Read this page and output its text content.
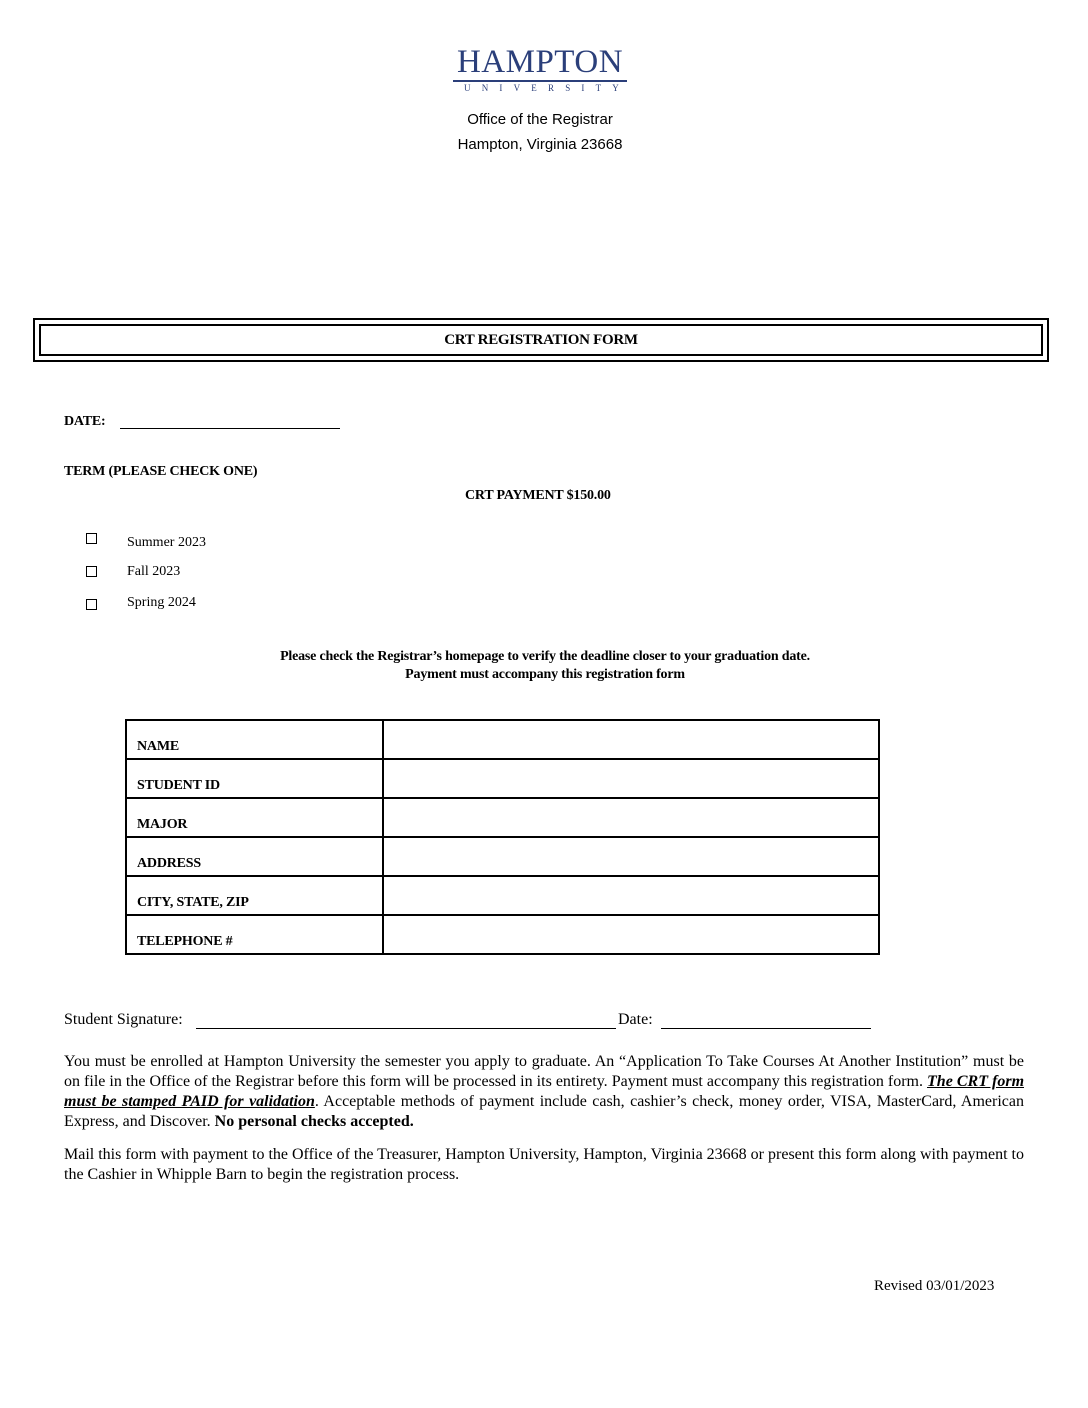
HAMPTON
UNIVERSITY
Office of the Registrar
Hampton, Virginia 23668
CRT REGISTRATION FORM
DATE:
TERM (PLEASE CHECK ONE)
CRT PAYMENT $150.00
Summer 2023
Fall 2023
Spring 2024
Please check the Registrar’s homepage to verify the deadline closer to your graduation date.
Payment must accompany this registration form
NAME	
STUDENT ID	
MAJOR	
ADDRESS	
CITY, STATE, ZIP	
TELEPHONE #	
Student Signature:	Date:
You must be enrolled at Hampton University the semester you apply to graduate. An “Application To Take Courses At Another Institution” must be on file in the Office of the Registrar before this form will be processed in its entirety. Payment must accompany this registration form. The CRT form must be stamped PAID for validation. Acceptable methods of payment include cash, cashier’s check, money order, VISA, MasterCard, American Express, and Discover. No personal checks accepted.
Mail this form with payment to the Office of the Treasurer, Hampton University, Hampton, Virginia 23668 or present this form along with payment to the Cashier in Whipple Barn to begin the registration process.
Revised 03/01/2023
